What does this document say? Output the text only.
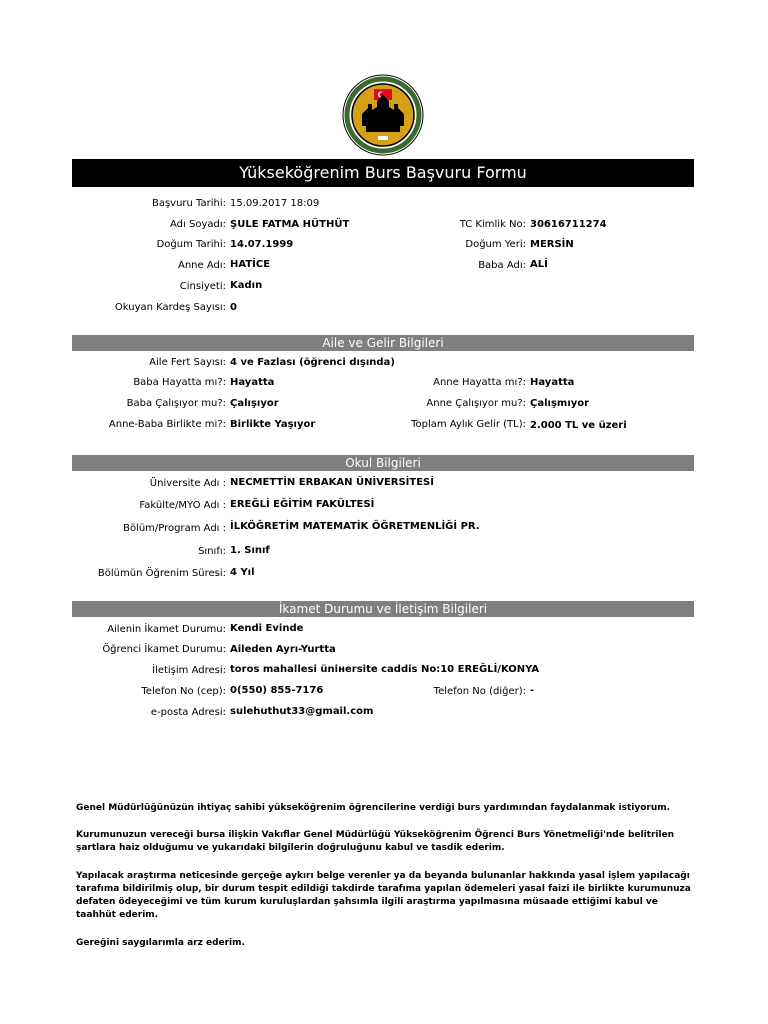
Yükseköğrenim Burs Başvuru Formu
Başvuru Tarihi: 15.09.2017 18:09
Adı Soyadı: ŞULE FATMA HÜTHÜT	TC Kimlik No: 30616711274
Doğum Tarihi: 14.07.1999	Doğum Yeri: MERSİN
Anne Adı: HATİCE	Baba Adı: ALİ
Cinsiyeti: Kadın
Okuyan Kardeş Sayısı: 0
Aile ve Gelir Bilgileri
Aile Fert Sayısı: 4 ve Fazlası (öğrenci dışında)
Baba Hayatta mı?: Hayatta	Anne Hayatta mı?: Hayatta
Baba Çalışıyor mu?: Çalışıyor	Anne Çalışıyor mu?: Çalışmıyor
Anne-Baba Birlikte mi?: Birlikte Yaşıyor	Toplam Aylık Gelir (TL): 2.000 TL ve üzeri
Okul Bilgileri
Üniversite Adı : NECMETTİN ERBAKAN ÜNİVERSİTESİ
Fakülte/MYO Adı : EREĞLİ EĞİTİM FAKÜLTESİ
Bölüm/Program Adı : İLKÖĞRETİM MATEMATİK ÖĞRETMENLİĞİ PR.
Sınıfı: 1. Sınıf
Bölümün Öğrenim Süresi: 4 Yıl
İkamet Durumu ve İletişim Bilgileri
Ailenin İkamet Durumu: Kendi Evinde
Öğrenci İkamet Durumu: Aileden Ayrı-Yurtta
İletişim Adresi: toros mahallesi ünінersite caddis No:10 EREĞLİ/KONYA
Telefon No (cep): 0(550) 855-7176	Telefon No (diğer): -
e-posta Adresi: sulehuthut33@gmail.com
Genel Müdürlüğünüzün ihtiyaç sahibi yükseköğrenim öğrencilerine verdiği burs yardımından faydalanmak istiyorum.
Kurumunuzun vereceği bursa ilişkin Vakıflar Genel Müdürlüğü Yükseköğrenim Öğrenci Burs Yönetmeliği'nde belitrilen şartlara haiz olduğumu ve yukarıdaki bilgilerin doğruluğunu kabul ve tasdik ederim.
Yapılacak araştırma neticesinde gerçeğe aykırı belge verenler ya da beyanda bulunanlar hakkında yasal işlem yapılacağı tarafıma bildirilmiş olup, bir durum tespit edildiği takdirde tarafıma yapılan ödemeleri yasal faizi ile birlikte kurumunuza defaten ödeyeceğimi ve tüm kurum kuruluşlardan şahsımla ilgili araştırma yapılmasına müsaade ettiğimi kabul ve taahhüt ederim.
Gereğini saygılarımla arz ederim.
